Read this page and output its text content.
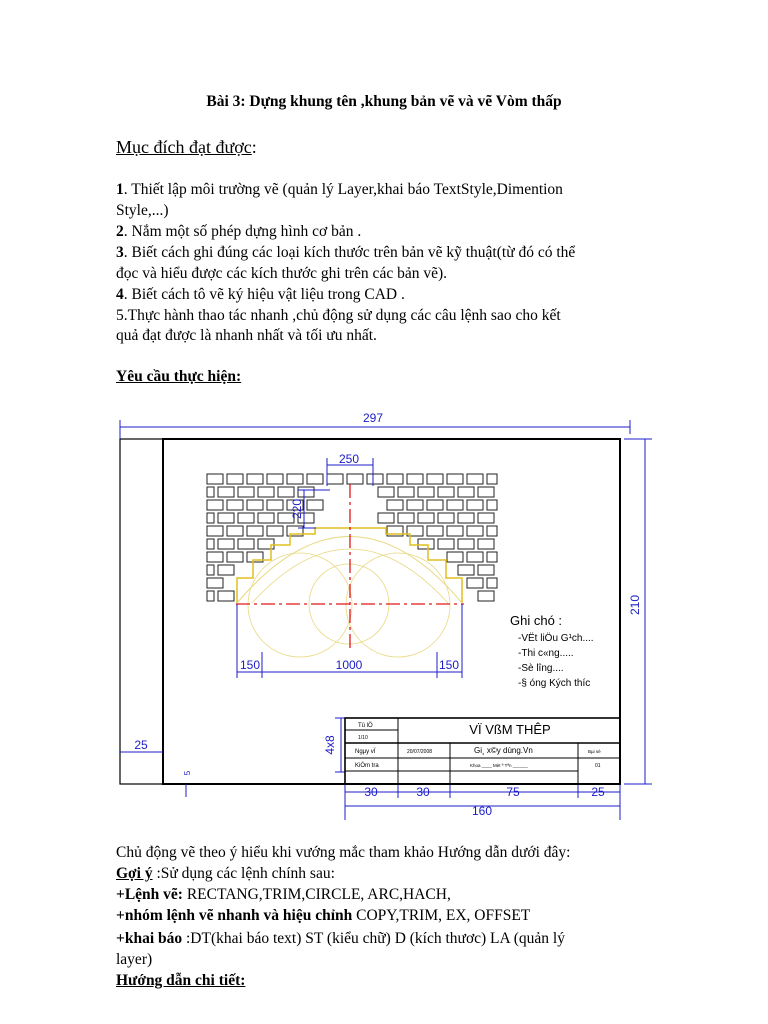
Bài 3: Dựng khung tên ,khung bản vẽ và vẽ Vòm thấp
Mục đích đạt được:
1. Thiết lập môi trường vẽ (quản lý Layer,khai báo TextStyle,Dimention
Style,...)
2. Nắm một số phép dựng hình cơ bản .
3. Biết cách ghi đúng các loại kích thước trên bản vẽ kỹ thuật(từ đó có thể
đọc và hiểu được các kích thước ghi trên các bản vẽ).
4. Biết cách tô vẽ ký hiệu vật liệu trong CAD .
5.Thực hành thao tác nhanh ,chủ động sử dụng các câu lệnh sao cho kết
quả đạt được là nhanh nhất và tối ưu nhất.
Yêu cầu thực hiện:
297
210
25
5
250
220
150	1000	150
4x8
30	30	75	25
160
Ghi chó :
-VËt liÖu G¹ch....
-Thi c«ng.....
-Sè lîng....
-§ óng Kých thíc
Tû lÖ
1/10
VÏ VßM THÊP
Ngµy vÏ	20/07/2008	Gi¸ x©y dùng.Vn	Bµi sè
KiÓm tra	Khoa ____ Mèt ª Tªn ______	01
Chủ động vẽ theo ý hiểu khi vướng mắc tham khảo Hướng dẫn dưới đây:
Gợi ý :Sử dụng các lệnh chính sau:
+Lệnh vẽ: RECTANG,TRIM,CIRCLE, ARC,HACH,
+nhóm lệnh vẽ nhanh và hiệu chỉnh COPY,TRIM, EX, OFFSET
+khai báo :DT(khai báo text) ST (kiểu chữ) D (kích thươc) LA (quản lý
layer)
Hướng dẫn chi tiết:
